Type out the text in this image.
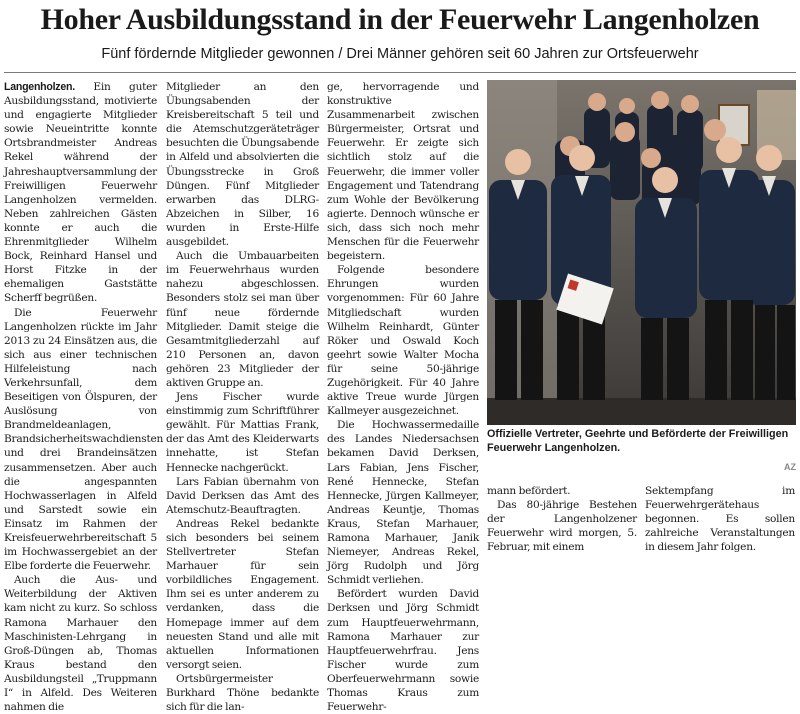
Hoher Ausbildungsstand in der Feuerwehr Langenholzen
Fünf fördernde Mitglieder gewonnen / Drei Männer gehören seit 60 Jahren zur Ortsfeuerwehr

Langenholzen. Ein guter Ausbildungsstand, motivierte und engagierte Mitglieder sowie Neueintritte konnte Ortsbrandmeister Andreas Rekel während der Jahreshauptversammlung der Freiwilligen Feuerwehr Langenholzen vermelden. Neben zahlreichen Gästen konnte er auch die Ehrenmitglieder Wilhelm Bock, Reinhard Hansel und Horst Fitzke in der ehemaligen Gaststätte Scherff begrüßen.

Die Feuerwehr Langenholzen rückte im Jahr 2013 zu 24 Einsätzen aus, die sich aus einer technischen Hilfeleistung nach Verkehrsunfall, dem Beseitigen von Ölspuren, der Auslösung von Brandmeldeanlagen, Brandsicherheitswachdiensten und drei Brandeinsätzen zusammensetzen. Aber auch die angespannten Hochwasserlagen in Alfeld und Sarstedt sowie ein Einsatz im Rahmen der Kreisfeuerwehrbereitschaft 5 im Hochwassergebiet an der Elbe forderte die Feuerwehr.

Auch die Aus- und Weiterbildung der Aktiven kam nicht zu kurz. So schloss Ramona Marhauer den Maschinisten-Lehrgang in Groß-Düngen ab, Thomas Kraus bestand den Ausbildungsteil „Truppmann I“ in Alfeld. Des Weiteren nahmen die

Mitglieder an den Übungsabenden der Kreisbereitschaft 5 teil und die Atemschutzgeräteträger besuchten die Übungsabende in Alfeld und absolvierten die Übungsstrecke in Groß Düngen. Fünf Mitglieder erwarben das DLRG-Abzeichen in Silber, 16 wurden in Erste-Hilfe ausgebildet.

Auch die Umbauarbeiten im Feuerwehrhaus wurden nahezu abgeschlossen. Besonders stolz sei man über fünf neue fördernde Mitglieder. Damit steige die Gesamtmitgliederzahl auf 210 Personen an, davon gehören 23 Mitglieder der aktiven Gruppe an.

Jens Fischer wurde einstimmig zum Schriftführer gewählt. Für Mattias Frank, der das Amt des Kleiderwarts innehatte, ist Stefan Hennecke nachgerückt.

Lars Fabian übernahm von David Derksen das Amt des Atemschutz-Beauftragten.

Andreas Rekel bedankte sich besonders bei seinem Stellvertreter Stefan Marhauer für sein vorbildliches Engagement. Ihm sei es unter anderem zu verdanken, dass die Homepage immer auf dem neuesten Stand und alle mit aktuellen Informationen versorgt seien.

Ortsbürgermeister Burkhard Thöne bedankte sich für die lan-

ge, hervorragende und konstruktive Zusammenarbeit zwischen Bürgermeister, Ortsrat und Feuerwehr. Er zeigte sich sichtlich stolz auf die Feuerwehr, die immer voller Engagement und Tatendrang zum Wohle der Bevölkerung agierte. Dennoch wünsche er sich, dass sich noch mehr Menschen für die Feuerwehr begeistern.

Folgende besondere Ehrungen wurden vorgenommen: Für 60 Jahre Mitgliedschaft wurden Wilhelm Reinhardt, Günter Röker und Oswald Koch geehrt sowie Walter Mocha für seine 50-jährige Zugehörigkeit. Für 40 Jahre aktive Treue wurde Jürgen Kallmeyer ausgezeichnet.

Die Hochwassermedaille des Landes Niedersachsen bekamen David Derksen, Lars Fabian, Jens Fischer, René Hennecke, Stefan Hennecke, Jürgen Kallmeyer, Andreas Keuntje, Thomas Kraus, Stefan Marhauer, Ramona Marhauer, Janik Niemeyer, Andreas Rekel, Jörg Rudolph und Jörg Schmidt verliehen.

Befördert wurden David Derksen und Jörg Schmidt zum Hauptfeuerwehrmann, Ramona Marhauer zur Hauptfeuerwehrfrau. Jens Fischer wurde zum Oberfeuerwehrmann sowie Thomas Kraus zum Feuerwehr-

Offizielle Vertreter, Geehrte und Beförderte der Freiwilligen Feuerwehr Langenholzen.
AZ

mann befördert.

Das 80-jährige Bestehen der Langenholzener Feuerwehr wird morgen, 5. Februar, mit einem

Sektempfang im Feuerwehrgerätehaus begonnen. Es sollen zahlreiche Veranstaltungen in diesem Jahr folgen.
